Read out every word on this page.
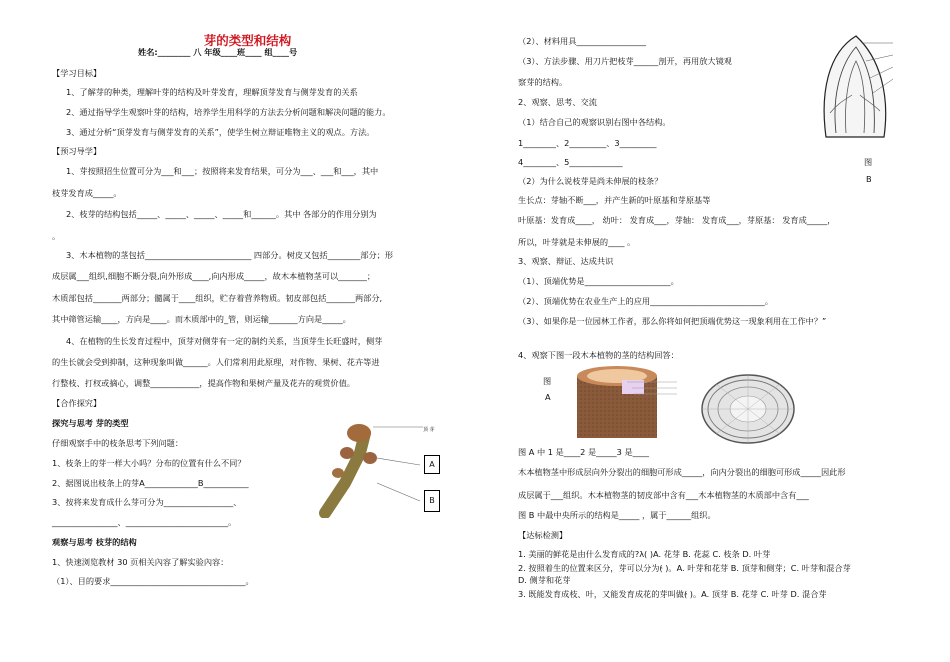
芽的类型和结构
姓名:________ 八 年级____班____ 组____号
【学习目标】
1、了解芽的种类，理解叶芽的结构及叶芽发育，理解顶芽发育与侧芽发育的关系
2、通过指导学生观察叶芽的结构，培养学生用科学的方法去分析问题和解决问题的能力。
3、通过分析“顶芽发育与侧芽发育的关系”，使学生树立辩证唯物主义的观点。方法。
【预习导学】
1、芽按照招生位置可分为___和___；按照将来发育结果，可分为___、___和___，其中
枝芽发育成_____。
2、枝芽的结构包括_____、_____、_____、_____和______。其中 各部分的作用分别为
。
3、木本植物的茎包括__________________________ 四部分。树皮又包括________部分；形
成层属___组织,细胞不断分裂,向外形成____,向内形成_____，故木本植物茎可以_______；
木质部包括_______两部分；髓属于____组织，贮存着营养物质。韧皮部包括_______两部分,
其中筛管运输____，方向是____。而木质部中的_管，则运输_______方向是_____。
4、在植物的生长发育过程中，顶芽对侧芽有一定的制约关系，当顶芽生长旺盛时，侧芽
的生长就会受到抑制，这种现象叫做______。人们常利用此原理，对作物、果树、花卉等进
行整枝、打杈或摘心，调整____________，提高作物和果树产量及花卉的观赏价值。
【合作探究】
探究与思考 芽的类型
仔细观察手中的枝条思考下列问题：
1、枝条上的芽一样大小吗？分布的位置有什么不同？
2、据图说出枝条上的芽A_____________B___________
3、按将来发育成什么芽可分为_________________、
________________、_________________________。
观察与思考 枝芽的结构
1、快速浏览教材 30 页相关內容了解实验內容：
（1）、目的要求_________________________________。
顶 芽
A
B
（2）、材料用具_________________
（3）、方法步骤、用刀片把枝芽______剖开，再用放大镜观
察芽的结构。
2、观察、思考、交流
（1）结合自己的观察识别右图中各结构。
1________、2_________、3_________
4________、5_____________
（2）为什么说枝芽是尚未伸展的枝条？
生长点：芽轴不断___，并产生新的叶原基和芽原基等
叶原基：发育成____， 幼叶： 发育成___，芽轴： 发育成___，芽原基： 发育成_____，
所以，叶芽就是未伸展的____ 。
3、观察、辩证、达成共识
（1）、顶端优势是_____________________。
（2）、顶端优势在农业生产上的应用____________________________。
（3）、如果你是一位园林工作者，那么你将如何把顶端优势这一现象利用在工作中？”
4、观察下图一段木本植物的茎的结构回答：
图 A 中 1 是____2 是_____3 是____
木本植物茎中形成层向外分裂出的细胞可形成_____，向内分裂出的细胞可形成_____因此形
成层属于___组织。木本植物茎的韧皮部中含有___木本植物茎的木质部中含有___
图 B 中最中央所示的结构是_____ ，属于______组织。
【达标检测】
1. 美丽的鲜花是由什么发育成的?λ( )A. 花芽 B. 花蕊 C. 枝条 D. 叶芽
2. 按照着生的位置来区分，芽可以分为ٛ( )。A. 叶芽和花芽 B. 顶芽和侧芽；C. 叶芽和混合芽
D. 侧芽和花芽
3. 既能发育成枝、叶，又能发育成花的芽叫做ٛ( )。A. 顶芽 B. 花芽 C. 叶芽 D. 混合芽
图
B
图
A
